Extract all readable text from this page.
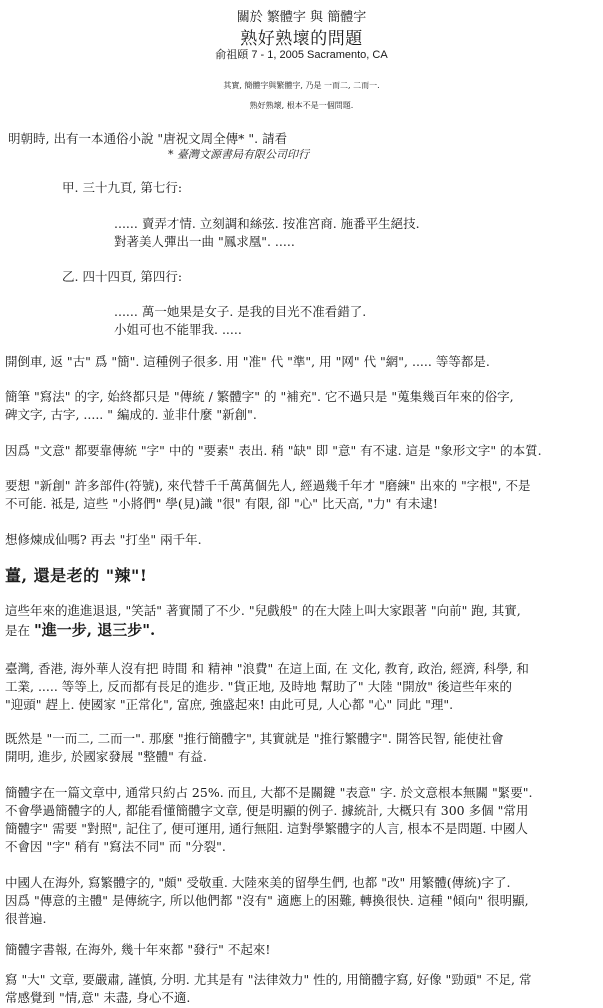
關於 繁體字 與 簡體字
熟好熟壞的問題
俞祖頤 7 - 1, 2005 Sacramento, CA
其實, 簡體字與繁體字, 乃是 一而二, 二而一.
熟好熟壞, 根本不是一個問題.
明朝時, 出有一本通俗小說 "唐祝文周全傳* ". 請看
* 臺灣文源書局有限公司印行
甲. 三十九頁, 第七行:
...... 賣弄才情. 立刻調和絲弦. 按准宮商. 施番平生絕技.
對著美人彈出一曲 "鳳求凰". .....
乙. 四十四頁, 第四行:
...... 萬一她果是女子. 是我的目光不准看錯了.
小姐可也不能罪我. .....
開倒車, 返 "古" 爲 "簡". 這種例子很多. 用 "准" 代 "準", 用 "网" 代 "網", ..... 等等都是.
簡筆 "寫法" 的字, 始終都只是 "傳統 / 繁體字" 的 "補充". 它不過只是 "蒐集幾百年來的俗字,
碑文字, 古字, ..... " 編成的. 並非什麼 "新創".
因爲 "文意" 都要靠傳統 "字" 中的 "要素" 表出. 稍 "缺" 即 "意" 有不逮. 這是 "象形文字" 的本質.
要想 "新創" 許多部件(符號), 來代替千千萬萬個先人, 經過幾千年才 "磨練" 出來的 "字根", 不是
不可能. 祗是, 這些 "小將們" 學(見)識 "很" 有限, 卻 "心" 比天高, "力" 有未逮!
想修煉成仙嗎? 再去 "打坐" 兩千年.
薑, 還是老的 "辣"!
這些年來的進進退退, "笑話" 著實鬧了不少. "兒戲般" 的在大陸上叫大家跟著 "向前" 跑, 其實,
是在 "進一步, 退三步".
臺灣, 香港, 海外華人沒有把 時間 和 精神 "浪費" 在這上面, 在 文化, 教育, 政治, 經濟, 科學, 和
工業, ..... 等等上, 反而都有長足的進步. "貨正地, 及時地 幫助了" 大陸 "開放" 後這些年來的
"迎頭" 趕上. 使國家 "正常化", 富庶, 強盛起來! 由此可見, 人心都 "心" 同此 "理".
既然是 "一而二, 二而一". 那麼 "推行簡體字", 其實就是 "推行繁體字". 開答民智, 能使社會
開明, 進步, 於國家發展 "整體" 有益.
簡體字在一篇文章中, 通常只約占 25%. 而且, 大都不是關鍵 "表意" 字. 於文意根本無關 "緊要".
不會學過簡體字的人, 都能看懂簡體字文章, 便是明顯的例子. 據統計, 大概只有 300 多個 "常用
簡體字" 需要 "對照", 記住了, 便可運用, 通行無阻. 這對學繁體字的人言, 根本不是問題. 中國人
不會因 "字" 稍有 "寫法不同" 而 "分裂".
中國人在海外, 寫繁體字的, "頗" 受敬重. 大陸來美的留學生們, 也都 "改" 用繁體(傳統)字了.
因爲 "傳意的主體" 是傳統字, 所以他們都 "沒有" 適應上的困難, 轉換很快. 這種 "傾向" 很明顯,
很普遍.
簡體字書報, 在海外, 幾十年來都 "發行" 不起來!
寫 "大" 文章, 要嚴肅, 謹慎, 分明. 尤其是有 "法律效力" 性的, 用簡體字寫, 好像 "勁頭" 不足, 常
常感覺到 "情,意" 未盡, 身心不適.
